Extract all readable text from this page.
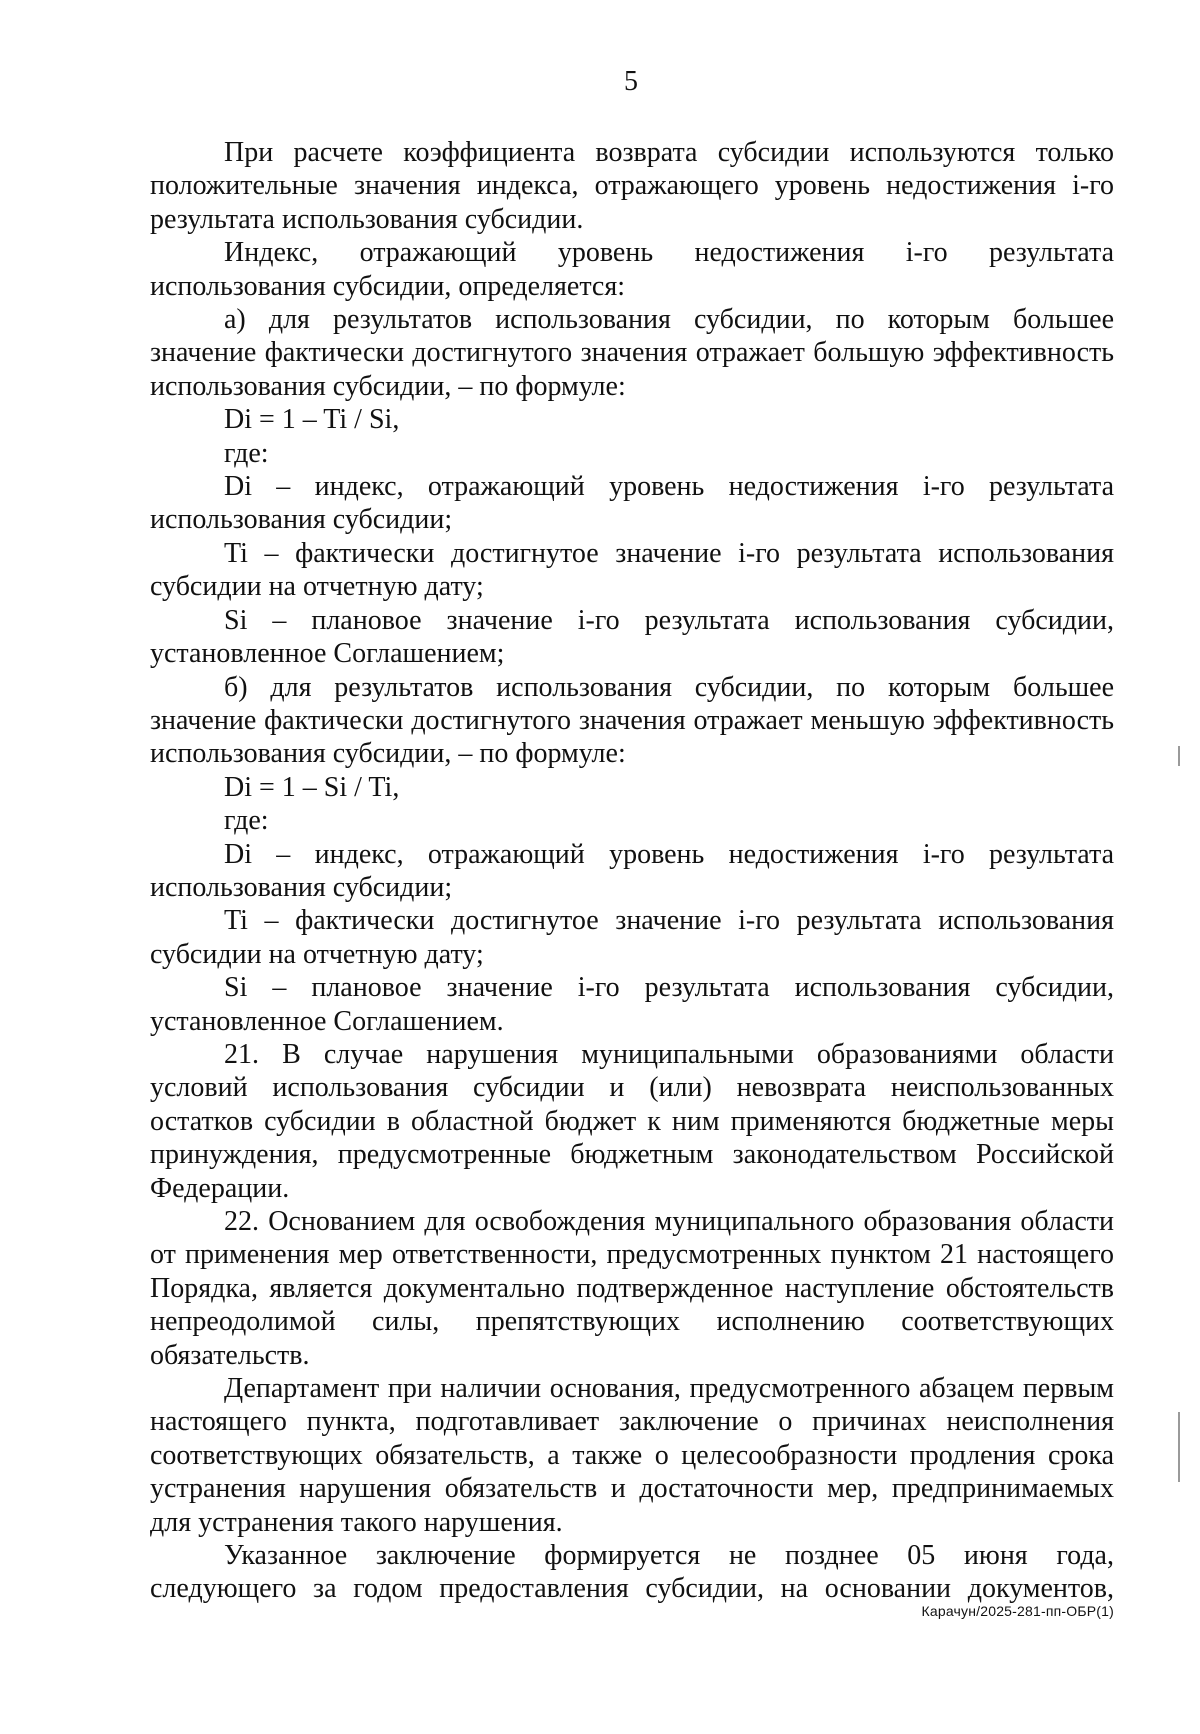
5

При расчете коэффициента возврата субсидии используются только положительные значения индекса, отражающего уровень недостижения i-го результата использования субсидии.

Индекс, отражающий уровень недостижения i-го результата использования субсидии, определяется:

а) для результатов использования субсидии, по которым большее значение фактически достигнутого значения отражает большую эффективность использования субсидии, – по формуле:

Di = 1 – Ti / Si,

где:

Di – индекс, отражающий уровень недостижения i-го результата использования субсидии;

Ti – фактически достигнутое значение i-го результата использования субсидии на отчетную дату;

Si – плановое значение i-го результата использования субсидии, установленное Соглашением;

б) для результатов использования субсидии, по которым большее значение фактически достигнутого значения отражает меньшую эффективность использования субсидии, – по формуле:

Di = 1 – Si / Ti,

где:

Di – индекс, отражающий уровень недостижения i-го результата использования субсидии;

Ti – фактически достигнутое значение i-го результата использования субсидии на отчетную дату;

Si – плановое значение i-го результата использования субсидии, установленное Соглашением.

21. В случае нарушения муниципальными образованиями области условий использования субсидии и (или) невозврата неиспользованных остатков субсидии в областной бюджет к ним применяются бюджетные меры принуждения, предусмотренные бюджетным законодательством Российской Федерации.

22. Основанием для освобождения муниципального образования области от применения мер ответственности, предусмотренных пунктом 21 настоящего Порядка, является документально подтвержденное наступление обстоятельств непреодолимой силы, препятствующих исполнению соответствующих обязательств.

Департамент при наличии основания, предусмотренного абзацем первым настоящего пункта, подготавливает заключение о причинах неисполнения соответствующих обязательств, а также о целесообразности продления срока устранения нарушения обязательств и достаточности мер, предпринимаемых для устранения такого нарушения.

Указанное заключение формируется не позднее 05 июня года, следующего за годом предоставления субсидии, на основании документов,

Карачун/2025-281-пп-ОБР(1)
